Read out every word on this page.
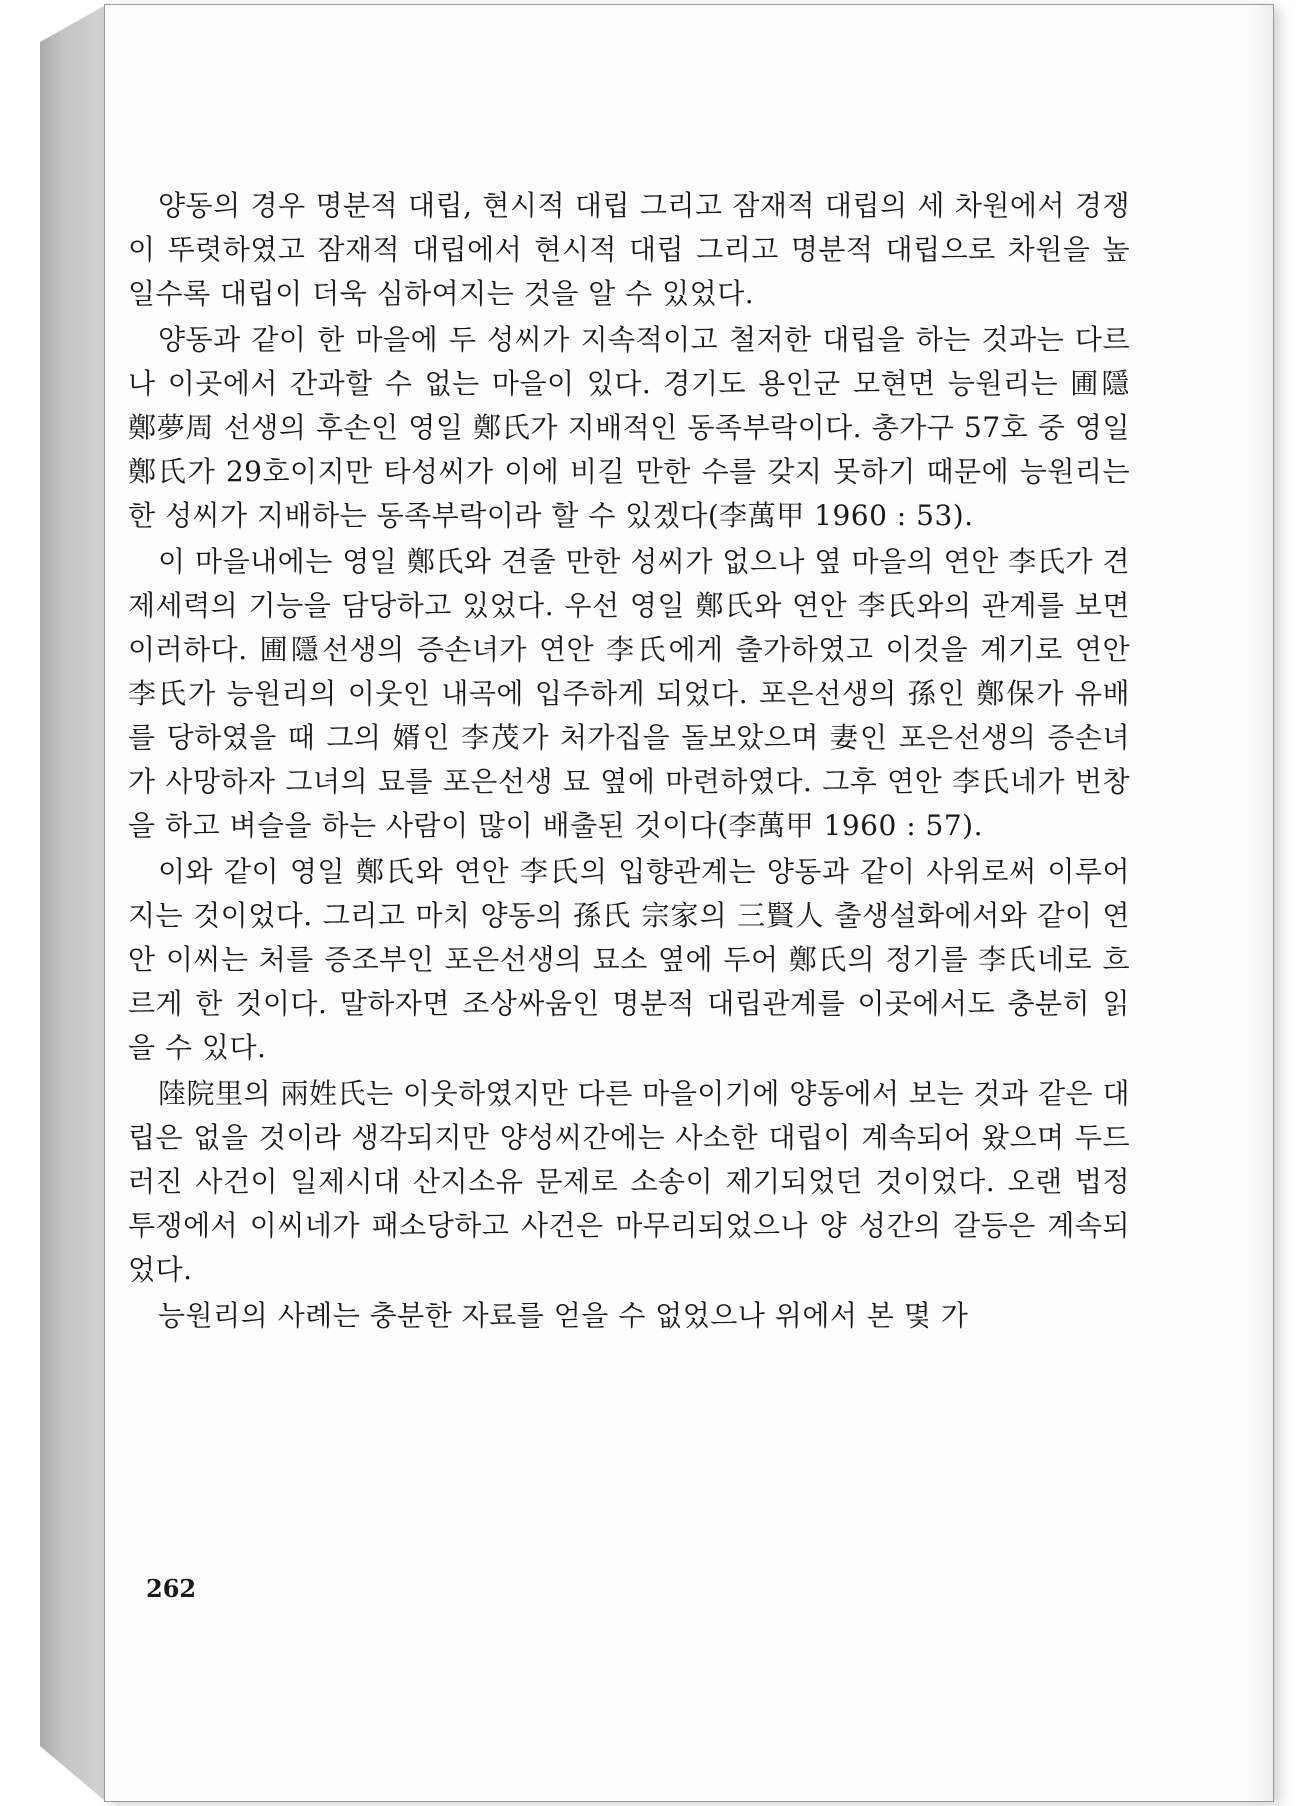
양동의 경우 명분적 대립, 현시적 대립 그리고 잠재적 대립의 세 차원에서 경쟁이 뚜렷하였고 잠재적 대립에서 현시적 대립 그리고 명분적 대립으로 차원을 높일수록 대립이 더욱 심하여지는 것을 알 수 있었다.

양동과 같이 한 마을에 두 성씨가 지속적이고 철저한 대립을 하는 것과는 다르나 이곳에서 간과할 수 없는 마을이 있다. 경기도 용인군 모현면 능원리는 圃隱 鄭夢周 선생의 후손인 영일 鄭氏가 지배적인 동족부락이다. 총가구 57호 중 영일 鄭氏가 29호이지만 타성씨가 이에 비길 만한 수를 갖지 못하기 때문에 능원리는 한 성씨가 지배하는 동족부락이라 할 수 있겠다(李萬甲 1960 : 53).

이 마을내에는 영일 鄭氏와 견줄 만한 성씨가 없으나 옆 마을의 연안 李氏가 견제세력의 기능을 담당하고 있었다. 우선 영일 鄭氏와 연안 李氏와의 관계를 보면 이러하다. 圃隱선생의 증손녀가 연안 李氏에게 출가하였고 이것을 계기로 연안 李氏가 능원리의 이웃인 내곡에 입주하게 되었다. 포은선생의 孫인 鄭保가 유배를 당하였을 때 그의 婿인 李茂가 처가집을 돌보았으며 妻인 포은선생의 증손녀가 사망하자 그녀의 묘를 포은선생 묘 옆에 마련하였다. 그후 연안 李氏네가 번창을 하고 벼슬을 하는 사람이 많이 배출된 것이다(李萬甲 1960 : 57).

이와 같이 영일 鄭氏와 연안 李氏의 입향관계는 양동과 같이 사위로써 이루어지는 것이었다. 그리고 마치 양동의 孫氏 宗家의 三賢人 출생설화에서와 같이 연안 이씨는 처를 증조부인 포은선생의 묘소 옆에 두어 鄭氏의 정기를 李氏네로 흐르게 한 것이다. 말하자면 조상싸움인 명분적 대립관계를 이곳에서도 충분히 읽을 수 있다.

陸院里의 兩姓氏는 이웃하였지만 다른 마을이기에 양동에서 보는 것과 같은 대립은 없을 것이라 생각되지만 양성씨간에는 사소한 대립이 계속되어 왔으며 두드러진 사건이 일제시대 산지소유 문제로 소송이 제기되었던 것이었다. 오랜 법정투쟁에서 이씨네가 패소당하고 사건은 마무리되었으나 양 성간의 갈등은 계속되었다.

능원리의 사례는 충분한 자료를 얻을 수 없었으나 위에서 본 몇 가

262
